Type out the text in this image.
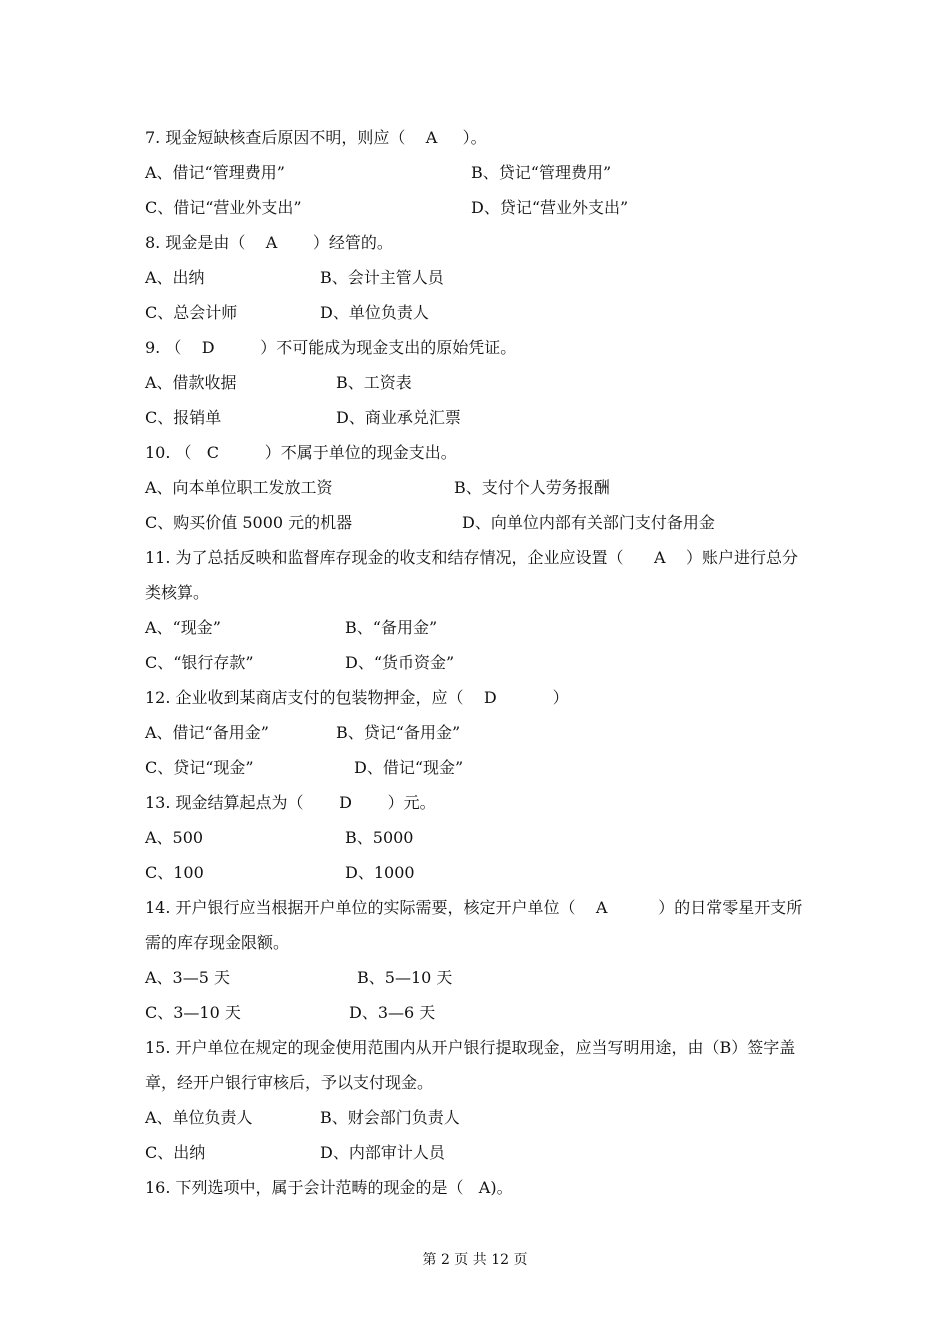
7. 现金短缺核查后原因不明，则应（    A     ）。
A、借记“管理费用”	B、贷记“管理费用”
C、借记“营业外支出”	D、贷记“营业外支出”
8. 现金是由（    A       ）经管的。
A、出纳	B、会计主管人员
C、总会计师	D、单位负责人
9. （    D         ）不可能成为现金支出的原始凭证。
A、借款收据	B、工资表
C、报销单	D、商业承兑汇票
10. （   C         ）不属于单位的现金支出。
A、向本单位职工发放工资	B、支付个人劳务报酬
C、购买价值 5000 元的机器	D、向单位内部有关部门支付备用金
11. 为了总括反映和监督库存现金的收支和结存情况，企业应设置（      A    ）账户进行总分
类核算。
A、“现金”	B、“备用金”
C、“银行存款”	D、“货币资金”
12. 企业收到某商店支付的包装物押金，应（    D           ）
A、借记“备用金”	B、贷记“备用金”
C、贷记“现金”	D、借记“现金”
13. 现金结算起点为（       D       ）元。
A、500	B、5000
C、100	D、1000
14. 开户银行应当根据开户单位的实际需要，核定开户单位（    A          ）的日常零星开支所
需的库存现金限额。
A、3—5 天	B、5—10 天
C、3—10 天	D、3—6 天
15. 开户单位在规定的现金使用范围内从开户银行提取现金，应当写明用途，由（B）签字盖
章，经开户银行审核后，予以支付现金。
A、单位负责人	B、财会部门负责人
C、出纳	D、内部审计人员
16. 下列选项中，属于会计范畴的现金的是（   A)。
第 2 页 共 12 页
